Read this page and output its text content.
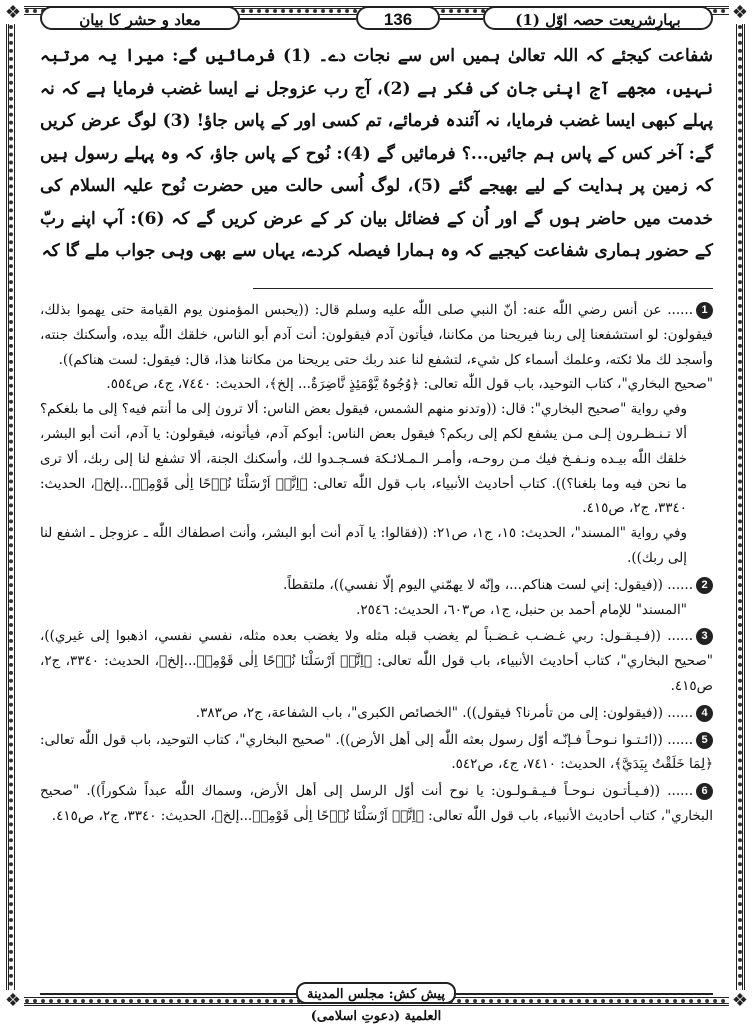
❖	❖
❖	❖
معاد و حشر کا بیان	136	بہارِشریعت حصہ اوّل (1)

شفاعت کیجئے کہ اللہ تعالیٰ ہمیں اس سے نجات دے۔ (1) فرمائیں گے: میرا یہ مرتبہ نہیں، مجھے آج اپنی جان کی فکر ہے (2)، آج رب عزوجل نے ایسا غضب فرمایا ہے کہ نہ پہلے کبھی ایسا غضب فرمایا، نہ آئندہ فرمائے، تم کسی اور کے پاس جاؤ! (3) لوگ عرض کریں گے: آخر کس کے پاس ہم جائیں...؟ فرمائیں گے (4): نُوح کے پاس جاؤ، کہ وہ پہلے رسول ہیں کہ زمین پر ہدایت کے لیے بھیجے گئے (5)، لوگ اُسی حالت میں حضرت نُوح علیہ السلام کی خدمت میں حاضر ہوں گے اور اُن کے فضائل بیان کر کے عرض کریں گے کہ (6): آپ اپنے ربّ کے حضور ہماری شفاعت کیجیے کہ وہ ہمارا فیصلہ کردے، یہاں سے بھی وہی جواب ملے گا کہ

1...... عن أنس رضي اللّٰه عنه: أنّ النبي صلى اللّٰه عليه وسلم قال: ((يحبس المؤمنون يوم القيامة حتى يهموا بذلك، فيقولون: لو استشفعنا إلى ربنا فيريحنا من مكاننا، فيأتون آدم فيقولون: أنت آدم أبو الناس، خلقك اللّٰه بيده، وأسكنك جنته، وأسجد لك ملا ئكته، وعلمك أسماء كل شيء، لتشفع لنا عند ربك حتى يريحنا من مكاننا هذا، قال: فيقول: لست هناكم)).

"صحيح البخاري"، كتاب التوحيد، باب قول اللّٰه تعالى: ﴿وُجُوهٌ يَّوْمَئِذٍ نَّاضِرَةٌ... إلخ﴾، الحديث: ٧٤٤٠، ج٤، ص٥٥٤.

وفي رواية "صحيح البخاري": قال: ((وتدنو منهم الشمس، فيقول بعض الناس: ألا ترون إلى ما أنتم فيه؟ إلى ما بلغكم؟ ألا تـنـظـرون إلـى مـن يشفع لكم إلى ربكم؟ فيقول بعض الناس: أبوكم آدم، فيأتونه، فيقولون: يا آدم، أنت أبو البشر، خلقك اللّٰه بيـده ونـفـخ فيك مـن روحـه، وأمـر الـمـلائـكة فسـجـدوا لك، وأسكنك الجنة، ألا تشفع لنا إلى ربك، ألا ترى ما نحن فيه وما بلغنا؟)). كتاب أحاديث الأنبياء، باب قول اللّٰه تعالى: ﴿اِنَّاۤ اَرْسَلْنَا نُوۡحًا اِلٰى قَوْمِهٖ...إلخ﴾، الحديث: ٣٣٤٠، ج٢، ص٤١٥.

وفي رواية "المسند"، الحديث: ١٥، ج١، ص٢١: ((فقالوا: يا آدم أنت أبو البشر، وأنت اصطفاك اللّٰه ـ عزوجل ـ اشفع لنا إلى ربك)).

2...... ((فيقول: إني لست هناكم...، وإنّه لا يهمّني اليوم إلّا نفسي))، ملتقطاً.

"المسند" للإمام أحمد بن حنبل، ج١، ص٦٠٣، الحديث: ٢٥٤٦.

3...... ((فـيـقـول: ربي غـضـب غـضـباً لم يغضب قبله مثله ولا يغضب بعده مثله، نفسي نفسي، اذهبوا إلى غيري))، "صحيح البخاري"، كتاب أحاديث الأنبياء، باب قول اللّٰه تعالى: ﴿اِنَّاۤ اَرْسَلْنَا نُوۡحًا اِلٰى قَوْمِهٖ...إلخ﴾، الحديث: ٣٣٤٠، ج٢، ص٤١٥.

4...... ((فيقولون: إلى من تأمرنا؟ فيقول)). "الخصائص الكبرى"، باب الشفاعة، ج٢، ص٣٨٣.

5...... ((ائـتـوا نـوحـاً فـإنّـه أوّل رسول بعثه اللّٰه إلى أهل الأرض)). "صحيح البخاري"، كتاب التوحيد، باب قول اللّٰه تعالى: ﴿لِمَا خَلَقْتُ بِيَدَيَّ﴾، الحديث: ٧٤١٠، ج٤، ص٥٤٢.

6...... ((فـيـأتـون نـوحـاً فـيـقـولـون: يا نوح أنت أوّل الرسل إلى أهل الأرض، وسماك اللّٰه عبداً شكوراً)). "صحيح البخاري"، كتاب أحاديث الأنبياء، باب قول اللّٰه تعالى: ﴿اِنَّاۤ اَرْسَلْنَا نُوۡحًا اِلٰى قَوْمِهٖ...إلخ﴾، الحديث: ٣٣٤٠، ج٢، ص٤١٥.

پیش کش: مجلس المدينة العلمية (دعوتِ اسلامی)
